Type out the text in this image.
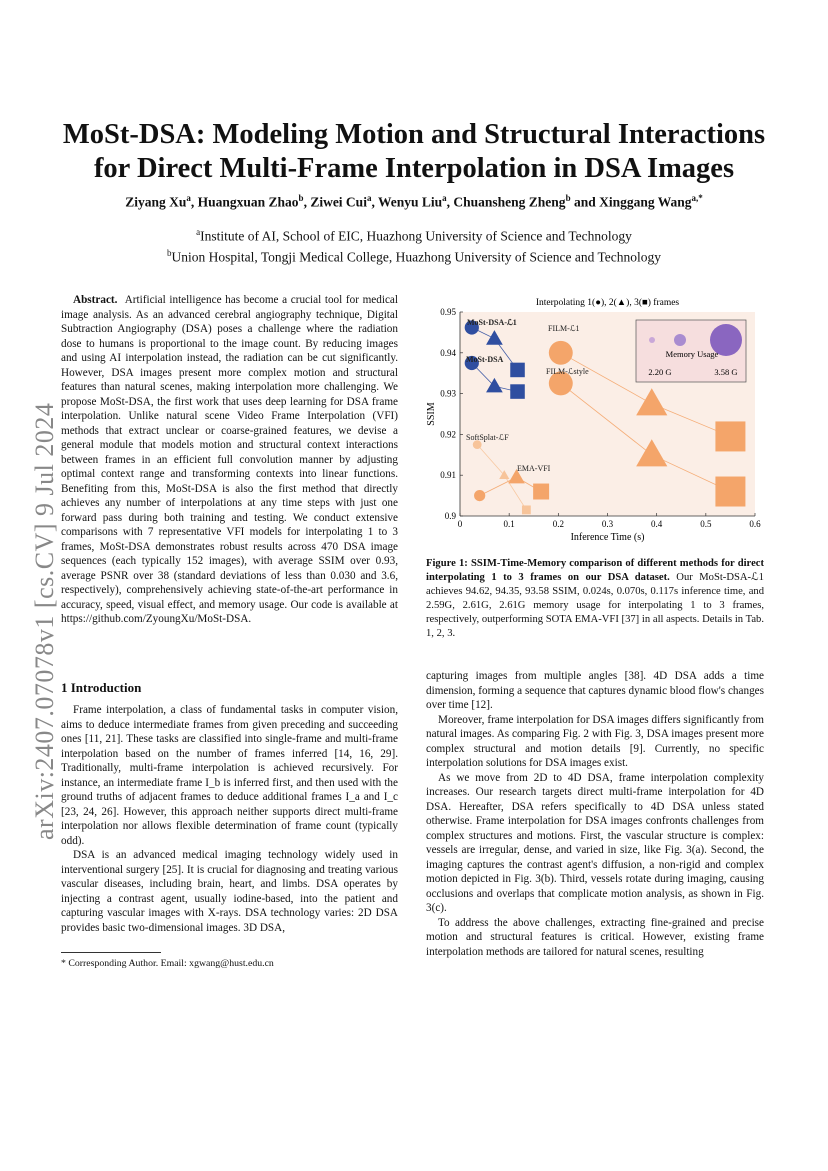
arXiv:2407.07078v1 [cs.CV] 9 Jul 2024
MoSt-DSA: Modeling Motion and Structural Interactions
for Direct Multi-Frame Interpolation in DSA Images
Ziyang Xu$^a$, Huangxuan Zhao$^b$, Ziwei Cui$^a$, Wenyu Liu$^a$, Chuansheng Zheng$^b$ and Xinggang Wang$^{a,*}$
$^a$Institute of AI, School of EIC, Huazhong University of Science and Technology
$^b$Union Hospital, Tongji Medical College, Huazhong University of Science and Technology

Abstract. Artificial intelligence has become a crucial tool for medical image analysis. As an advanced cerebral angiography technique, Digital Subtraction Angiography (DSA) poses a challenge where the radiation dose to humans is proportional to the image count. By reducing images and using AI interpolation instead, the radiation can be cut significantly. However, DSA images present more complex motion and structural features than natural scenes, making interpolation more challenging. We propose MoSt-DSA, the first work that uses deep learning for DSA frame interpolation. Unlike natural scene Video Frame Interpolation (VFI) methods that extract unclear or coarse-grained features, we devise a general module that models motion and structural context interactions between frames in an efficient full convolution manner by adjusting optimal context range and transforming contexts into linear functions. Benefiting from this, MoSt-DSA is also the first method that directly achieves any number of interpolations at any time steps with just one forward pass during both training and testing. We conduct extensive comparisons with 7 representative VFI models for interpolating 1 to 3 frames, MoSt-DSA demonstrates robust results across 470 DSA image sequences (each typically 152 images), with average SSIM over 0.93, average PSNR over 38 (standard deviations of less than 0.030 and 3.6, respectively), comprehensively achieving state-of-the-art performance in accuracy, speed, visual effect, and memory usage. Our code is available at https://github.com/ZyoungXu/MoSt-DSA.

1 Introduction

Frame interpolation, a class of fundamental tasks in computer vision, aims to deduce intermediate frames from given preceding and succeeding ones [11, 21]. These tasks are classified into single-frame and multi-frame interpolation based on the number of frames inferred [14, 16, 29]. Traditionally, multi-frame interpolation is achieved recursively. For instance, an intermediate frame I_b is inferred first, and then used with the ground truths of adjacent frames to deduce additional frames I_a and I_c [23, 24, 26]. However, this approach neither supports direct multi-frame interpolation nor allows flexible determination of frame count (typically odd).

DSA is an advanced medical imaging technology widely used in interventional surgery [25]. It is crucial for diagnosing and treating various vascular diseases, including brain, heart, and limbs. DSA operates by injecting a contrast agent, usually iodine-based, into the patient and capturing vascular images with X-rays. DSA technology varies: 2D DSA provides basic two-dimensional images. 3D DSA,

* Corresponding Author. Email: xgwang@hust.edu.cn
Interpolating 1(●), 2(▲), 3(■) frames
0	0.1	0.2	0.3	0.4	0.5	0.6
0.9
0.91
0.92
0.93
0.94
0.95
Inference Time (s)
SSIM
MoSt-DSA-ℒ1
MoSt-DSA
FILM-ℒ1
FILM-ℒstyle
SoftSplat-ℒF
EMA-VFI
Memory Usage
2.20 G	3.58 G

Figure 1: SSIM-Time-Memory comparison of different methods for direct interpolating 1 to 3 frames on our DSA dataset. Our MoSt-DSA-ℒ1 achieves 94.62, 94.35, 93.58 SSIM, 0.024s, 0.070s, 0.117s inference time, and 2.59G, 2.61G, 2.61G memory usage for interpolating 1 to 3 frames, respectively, outperforming SOTA EMA-VFI [37] in all aspects. Details in Tab. 1, 2, 3.

capturing images from multiple angles [38]. 4D DSA adds a time dimension, forming a sequence that captures dynamic blood flow's changes over time [12].

Moreover, frame interpolation for DSA images differs significantly from natural images. As comparing Fig. 2 with Fig. 3, DSA images present more complex structural and motion details [9]. Currently, no specific interpolation solutions for DSA images exist.

As we move from 2D to 4D DSA, frame interpolation complexity increases. Our research targets direct multi-frame interpolation for 4D DSA. Hereafter, DSA refers specifically to 4D DSA unless stated otherwise. Frame interpolation for DSA images confronts challenges from complex structures and motions. First, the vascular structure is complex: vessels are irregular, dense, and varied in size, like Fig. 3(a). Second, the imaging captures the contrast agent's diffusion, a non-rigid and complex motion depicted in Fig. 3(b). Third, vessels rotate during imaging, causing occlusions and overlaps that complicate motion analysis, as shown in Fig. 3(c).

To address the above challenges, extracting fine-grained and precise motion and structural features is critical. However, existing frame interpolation methods are tailored for natural scenes, resulting
